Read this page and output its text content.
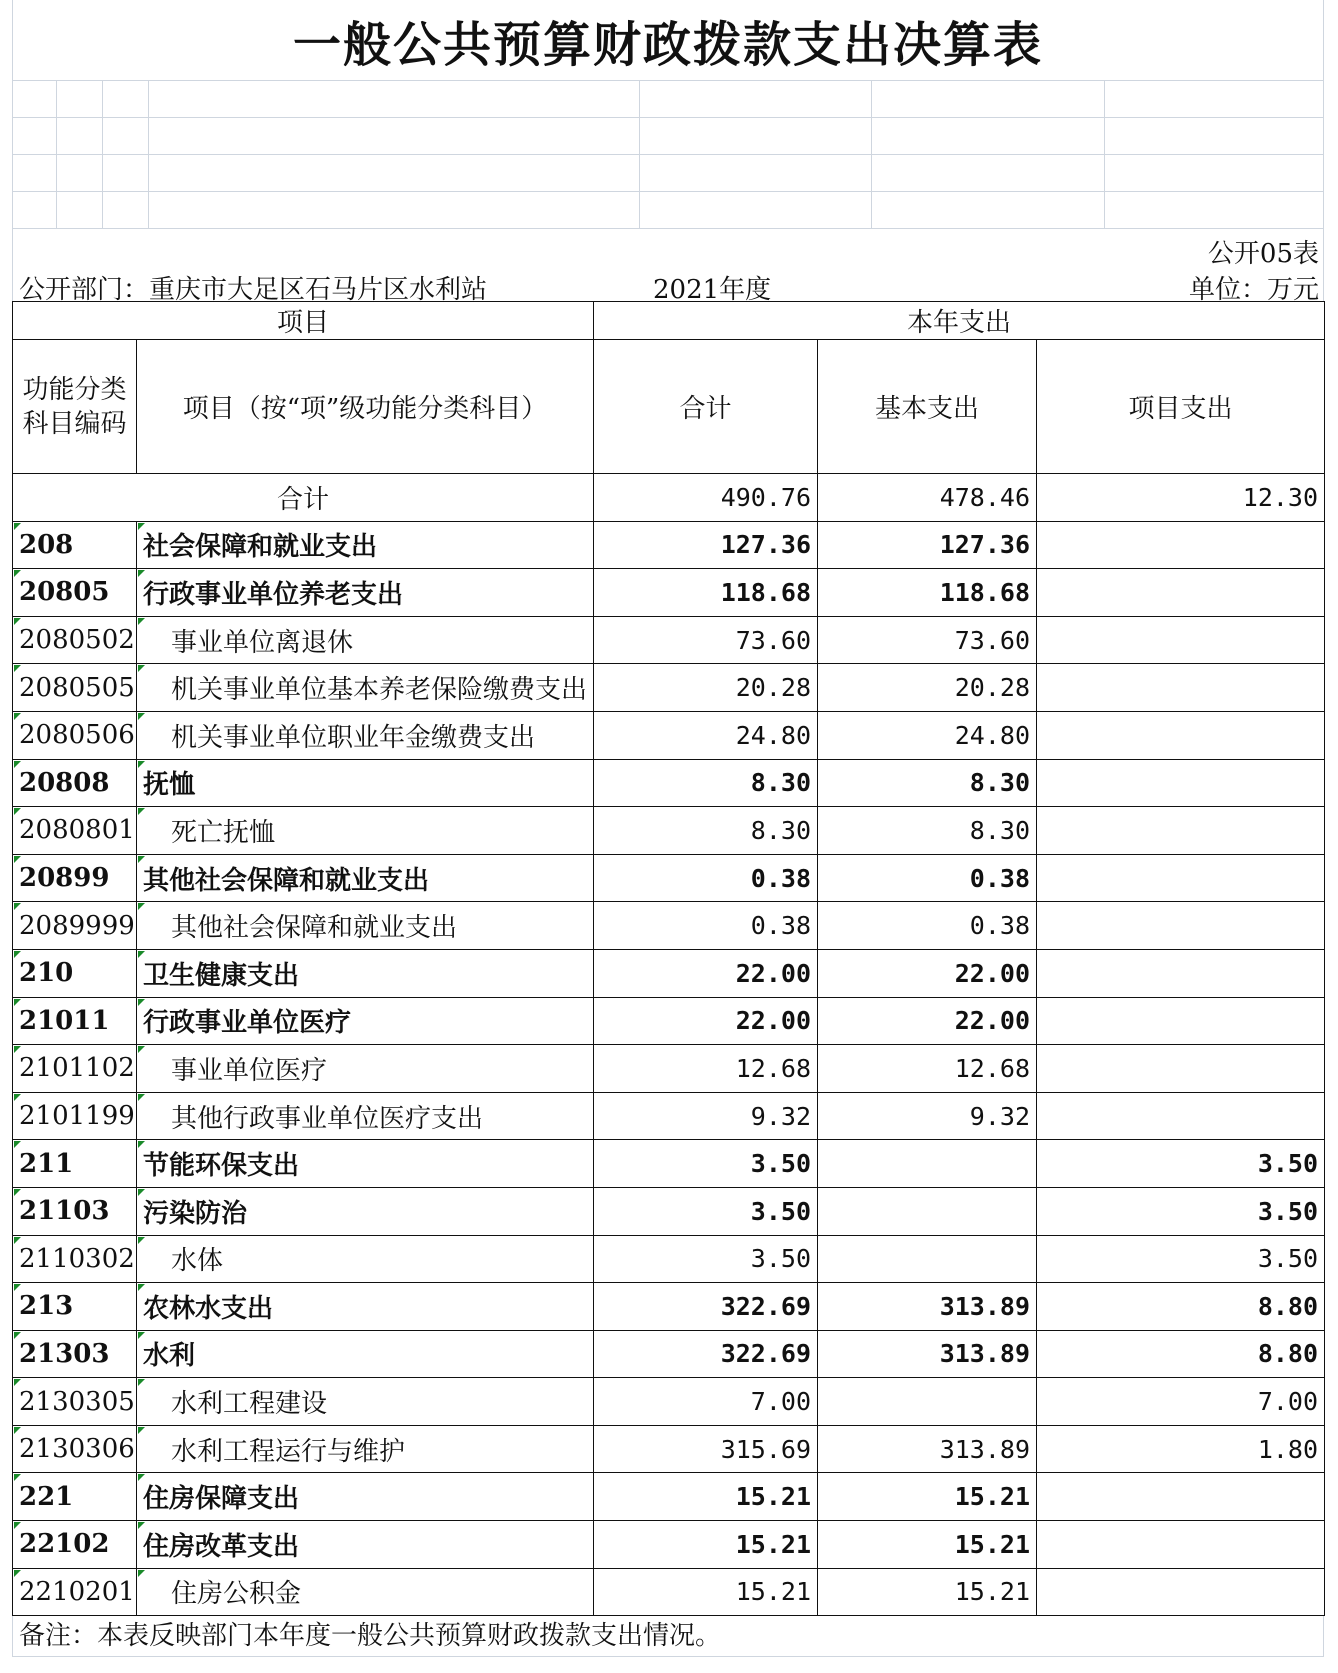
一般公共预算财政拨款支出决算表
公开05表
公开部门：重庆市大足区石马片区水利站	2021年度	单位：万元
项目		本年支出		
功能分类科目编码	项目（按“项”级功能分类科目）	合计	基本支出	项目支出
合计		490.76	478.46	12.30
208	社会保障和就业支出	127.36	127.36	
20805	行政事业单位养老支出	118.68	118.68	
2080502	事业单位离退休	73.60	73.60	
2080505	机关事业单位基本养老保险缴费支出	20.28	20.28	
2080506	机关事业单位职业年金缴费支出	24.80	24.80	
20808	抚恤	8.30	8.30	
2080801	死亡抚恤	8.30	8.30	
20899	其他社会保障和就业支出	0.38	0.38	
2089999	其他社会保障和就业支出	0.38	0.38	
210	卫生健康支出	22.00	22.00	
21011	行政事业单位医疗	22.00	22.00	
2101102	事业单位医疗	12.68	12.68	
2101199	其他行政事业单位医疗支出	9.32	9.32	
211	节能环保支出	3.50		3.50
21103	污染防治	3.50		3.50
2110302	水体	3.50		3.50
213	农林水支出	322.69	313.89	8.80
21303	水利	322.69	313.89	8.80
2130305	水利工程建设	7.00		7.00
2130306	水利工程运行与维护	315.69	313.89	1.80
221	住房保障支出	15.21	15.21	
22102	住房改革支出	15.21	15.21	
2210201	住房公积金	15.21	15.21	
备注：本表反映部门本年度一般公共预算财政拨款支出情况。
